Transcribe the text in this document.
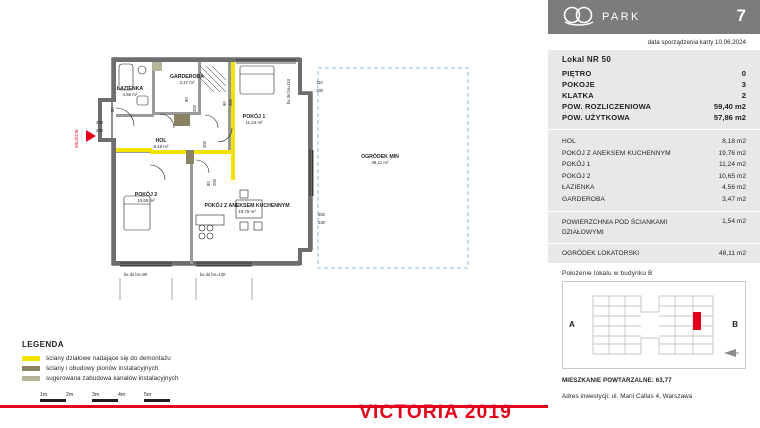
GARDEROBA
3,47 m²
ŁAZIENKA
4,56 m²
POKÓJ 1
11,24 m²
HOL
8,18 m²
POKÓJ 2
10,65 m²
POKÓJ Z ANEKSEM KUCHENNYM
19,76 m²
OGRÓDEK MIN
48,11 m²
WEJŚCIE
110
180
200
220
250
230
90
200
80
200
90 200
80 200
bx do bn=110
bx do bn=90	bx do bn=130
LEGENDA
ściany działowe nadające się do demontażu
ściany i obudowy pionów instalacyjnych
sugerowana zabudowa kanałów instalacyjnych
1m	2m	3m	4m	5m
VICTORIA 2019
PARK	7
data sporządzenia karty 10.06.2024
Lokal NR 50
PIĘTRO	0
POKOJE	3
KLATKA	2
POW. ROZLICZENIOWA	59,40 m2
POW. UŻYTKOWA	57,86 m2
HOL	8,18 m2
POKÓJ Z ANEKSEM KUCHENNYM	19,76 m2
POKÓJ 1	11,24 m2
POKÓJ 2	10,65 m2
ŁAZIENKA	4,56 m2
GARDEROBA	3,47 m2
POWIERZCHNIA POD ŚCIANKAMI DZIAŁOWYMI
1,54 m2
OGRÓDEK LOKATORSKI	48,11 m2
Położenie lokalu w budynku B
A	B
MIESZKANIE POWTARZALNE: 63,77
Adres inwestycji: ul. Marii Callas 4, Warszawa
